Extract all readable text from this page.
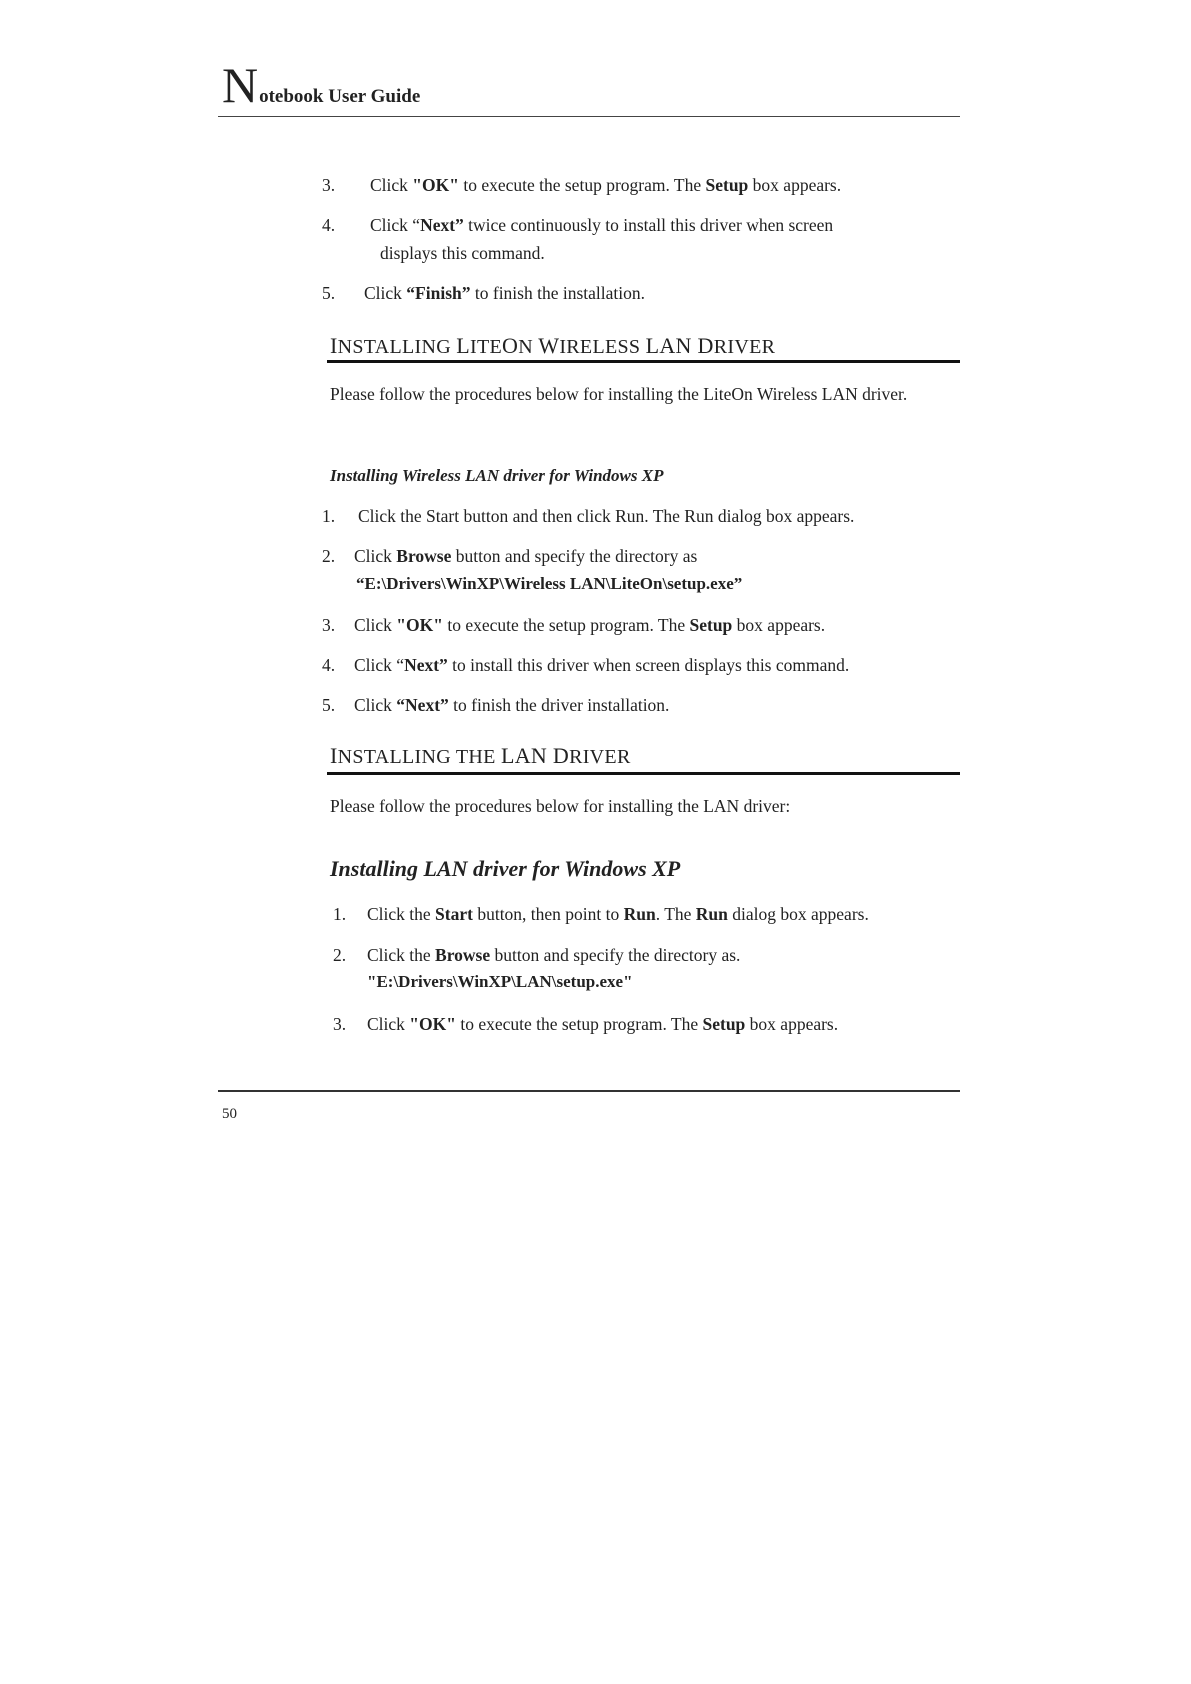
Notebook User Guide
3. Click "OK" to execute the setup program. The Setup box appears.
4. Click “Next” twice continuously to install this driver when screen
displays this command.
5. Click “Finish” to finish the installation.
INSTALLING LITEON WIRELESS LAN DRIVER
Please follow the procedures below for installing the LiteOn Wireless LAN driver.
Installing Wireless LAN driver for Windows XP
1. Click the Start button and then click Run. The Run dialog box appears.
2. Click Browse button and specify the directory as
“E:\Drivers\WinXP\Wireless LAN\LiteOn\setup.exe”
3. Click "OK" to execute the setup program. The Setup box appears.
4. Click “Next” to install this driver when screen displays this command.
5. Click “Next” to finish the driver installation.
INSTALLING THE LAN DRIVER
Please follow the procedures below for installing the LAN driver:
Installing LAN driver for Windows XP
1. Click the Start button, then point to Run. The Run dialog box appears.
2. Click the Browse button and specify the directory as.
"E:\Drivers\WinXP\LAN\setup.exe"
3. Click "OK" to execute the setup program. The Setup box appears.
50
